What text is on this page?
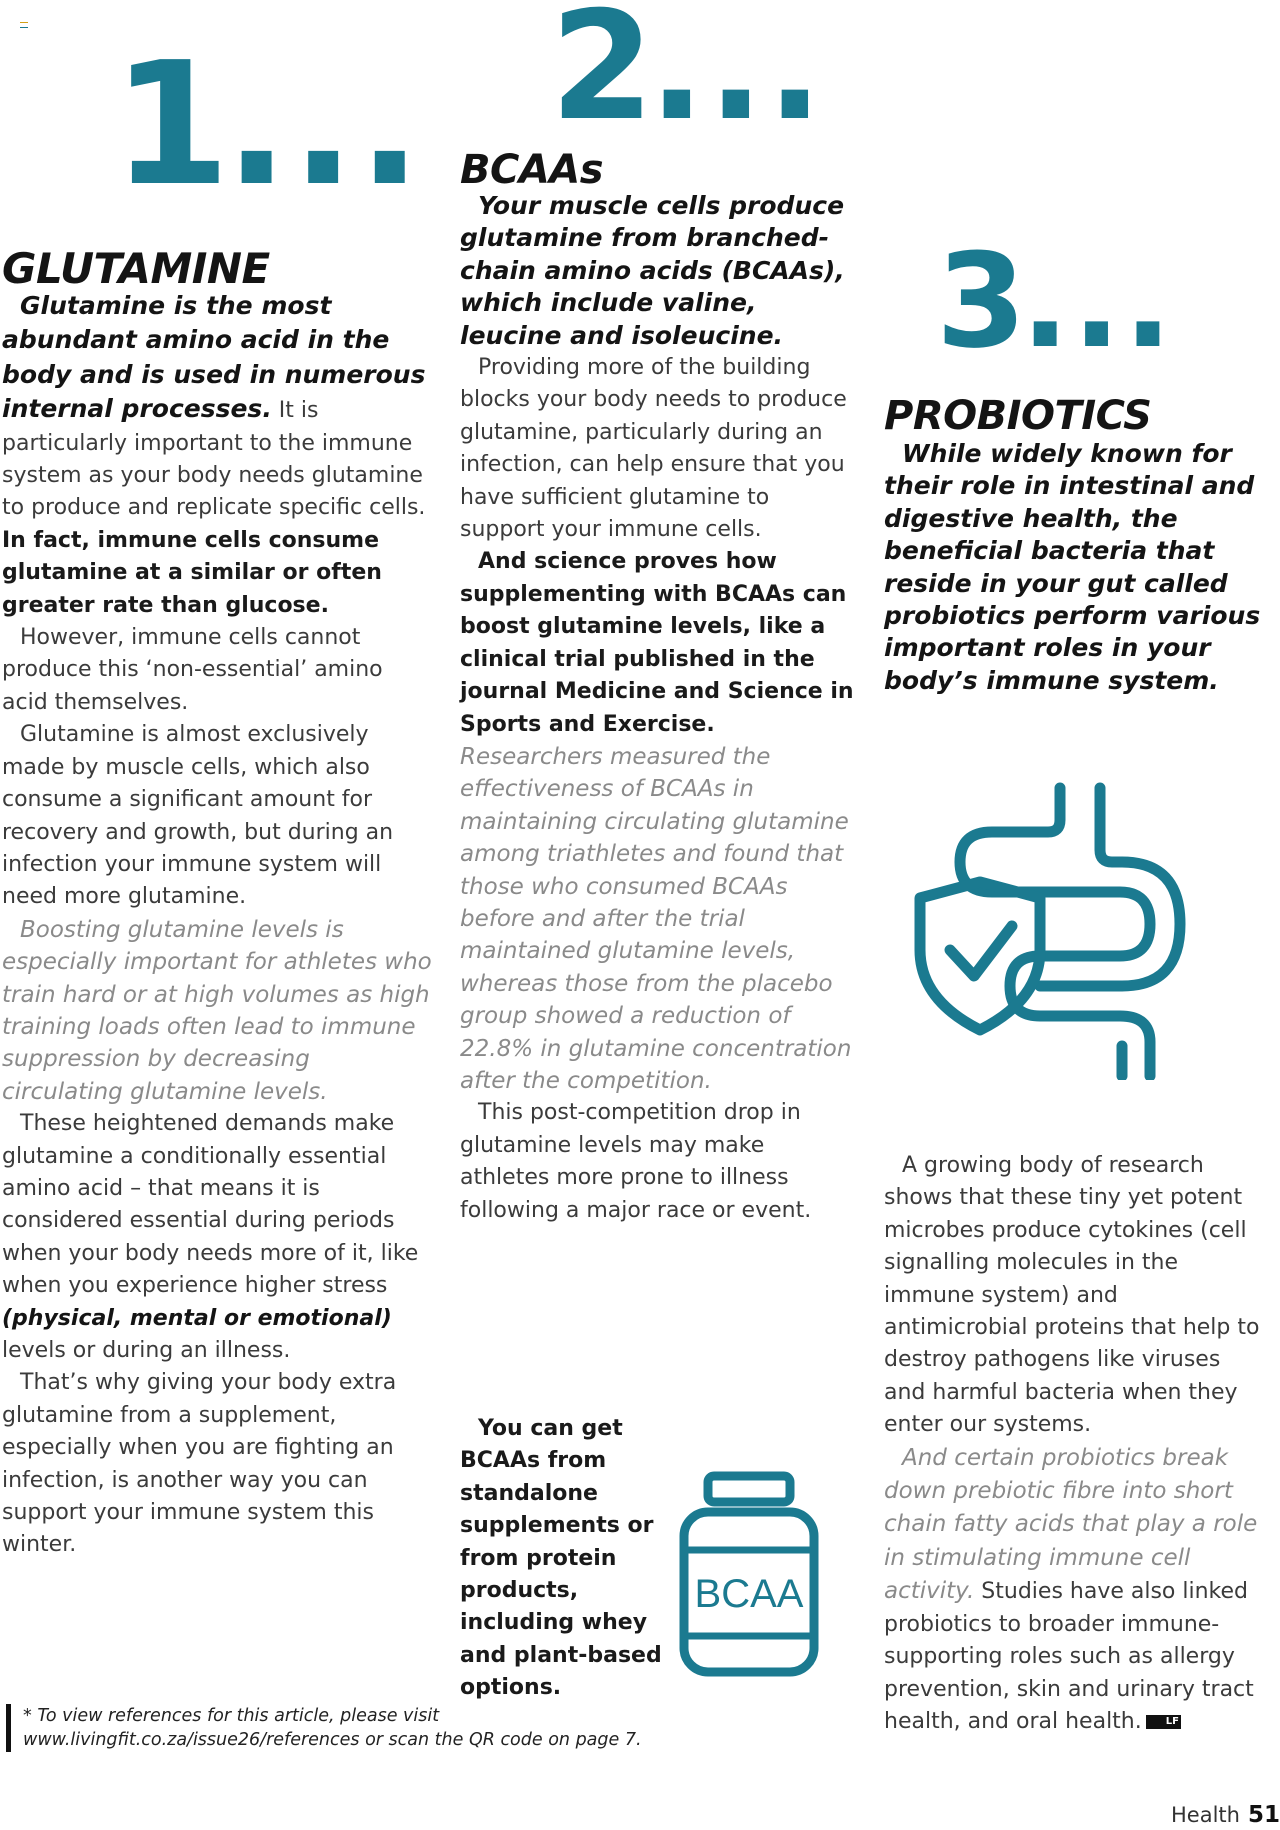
1...
GLUTAMINE

Glutamine is the most abundant amino acid in the body and is used in numerous internal processes. It is particularly important to the immune system as your body needs glutamine to produce and replicate specific cells. In fact, immune cells consume glutamine at a similar or often greater rate than glucose.

However, immune cells cannot produce this ‘non-essential’ amino acid themselves.

Glutamine is almost exclusively made by muscle cells, which also consume a significant amount for recovery and growth, but during an infection your immune system will need more glutamine.

Boosting glutamine levels is especially important for athletes who train hard or at high volumes as high training loads often lead to immune suppression by decreasing circulating glutamine levels.

These heightened demands make glutamine a conditionally essential amino acid – that means it is considered essential during periods when your body needs more of it, like when you experience higher stress (physical, mental or emotional) levels or during an illness.

That’s why giving your body extra glutamine from a supplement, especially when you are fighting an infection, is another way you can support your immune system this winter.

2...
BCAAs

Your muscle cells produce glutamine from branched-chain amino acids (BCAAs), which include valine, leucine and isoleucine.

Providing more of the building blocks your body needs to produce glutamine, particularly during an infection, can help ensure that you have sufficient glutamine to support your immune cells.

And science proves how supplementing with BCAAs can boost glutamine levels, like a clinical trial published in the journal Medicine and Science in Sports and Exercise.

Researchers measured the effectiveness of BCAAs in maintaining circulating glutamine among triathletes and found that those who consumed BCAAs before and after the trial maintained glutamine levels, whereas those from the placebo group showed a reduction of 22.8% in glutamine concentration after the competition.

This post-competition drop in glutamine levels may make athletes more prone to illness following a major race or event.

You can get BCAAs from standalone supplements or from protein products, including whey and plant-based options.

BCAA
3...
PROBIOTICS

While widely known for their role in intestinal and digestive health, the beneficial bacteria that reside in your gut called probiotics perform various important roles in your body’s immune system.

A growing body of research shows that these tiny yet potent microbes produce cytokines (cell signalling molecules in the immune system) and antimicrobial proteins that help to destroy pathogens like viruses and harmful bacteria when they enter our systems.

And certain probiotics break down prebiotic fibre into short chain fatty acids that play a role in stimulating immune cell activity. Studies have also linked probiotics to broader immune-supporting roles such as allergy prevention, skin and urinary tract health, and oral health. LF

* To view references for this article, please visit
www.livingfit.co.za/issue26/references or scan the QR code on page 7.
Health 51
